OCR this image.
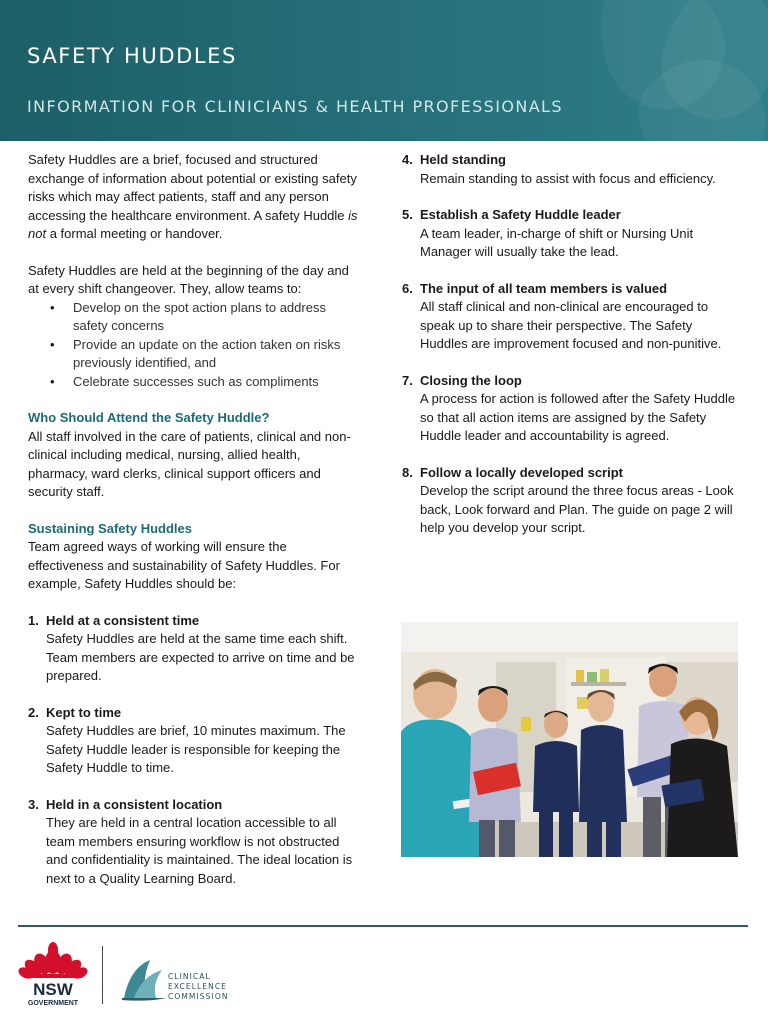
SAFETY HUDDLES
INFORMATION FOR CLINICIANS & HEALTH PROFESSIONALS

Safety Huddles are a brief, focused and structured exchange of information about potential or existing safety risks which may affect patients, staff and any person accessing the healthcare environment. A safety Huddle is not a formal meeting or handover.

Safety Huddles are held at the beginning of the day and at every shift changeover. They, allow teams to:

• Develop on the spot action plans to address safety concerns
• Provide an update on the action taken on risks previously identified, and
• Celebrate successes such as compliments
Who Should Attend the Safety Huddle?

All staff involved in the care of patients, clinical and non-clinical including medical, nursing, allied health, pharmacy, ward clerks, clinical support officers and security staff.

Sustaining Safety Huddles

Team agreed ways of working will ensure the effectiveness and sustainability of Safety Huddles. For example, Safety Huddles should be:

1. Held at a consistent time
Safety Huddles are held at the same time each shift. Team members are expected to arrive on time and be prepared.
2. Kept to time
Safety Huddles are brief, 10 minutes maximum. The Safety Huddle leader is responsible for keeping the Safety Huddle to time.
3. Held in a consistent location
They are held in a central location accessible to all team members ensuring workflow is not obstructed and confidentiality is maintained. The ideal location is next to a Quality Learning Board.
4. Held standing
Remain standing to assist with focus and efficiency.
5. Establish a Safety Huddle leader
A team leader, in-charge of shift or Nursing Unit Manager will usually take the lead.
6. The input of all team members is valued
All staff clinical and non-clinical are encouraged to speak up to share their perspective. The Safety Huddles are improvement focused and non-punitive.
7. Closing the loop
A process for action is followed after the Safety Huddle so that all action items are assigned by the Safety Huddle leader and accountability is agreed.
8. Follow a locally developed script
Develop the script around the three focus areas - Look back, Look forward and Plan. The guide on page 2 will help you develop your script.
NSW
GOVERNMENT
CLINICAL
EXCELLENCE
COMMISSION
